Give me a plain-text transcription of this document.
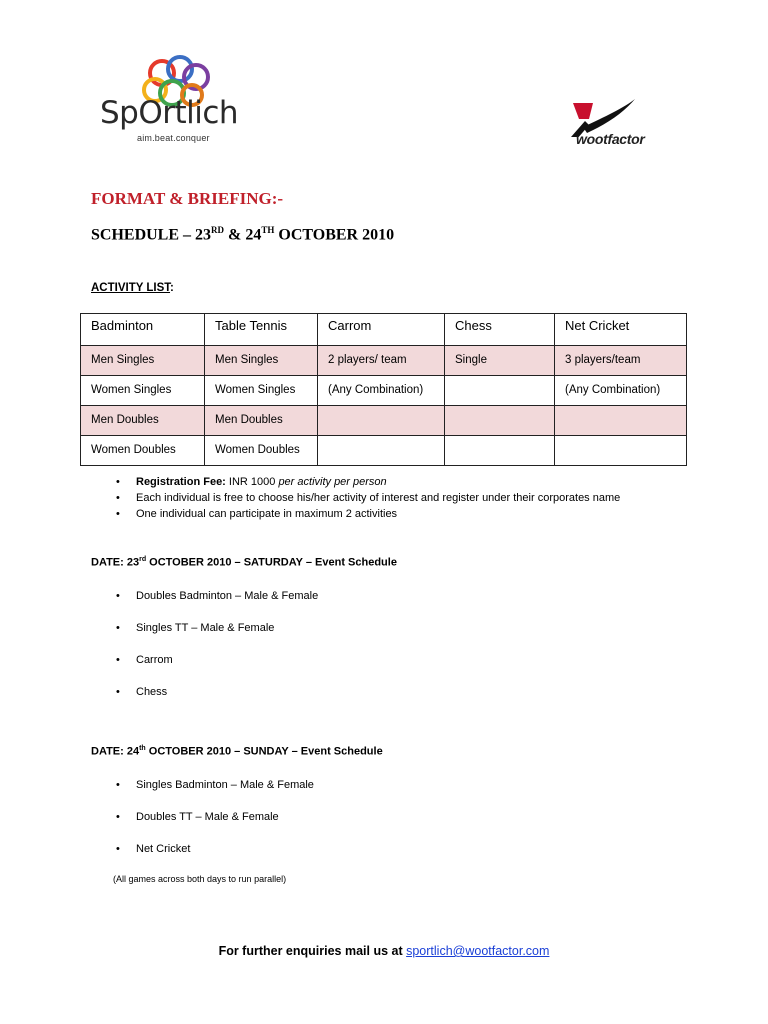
SpOrtlich
aim.beat.conquer	wootfactor
FORMAT & BRIEFING:-
SCHEDULE – 23RD & 24TH OCTOBER 2010
ACTIVITY LIST:
Badminton	Table Tennis	Carrom	Chess	Net Cricket
Men Singles	Men Singles	2 players/ team	Single	3 players/team
Women Singles	Women Singles	(Any Combination)		(Any Combination)
Men Doubles	Men Doubles			
Women Doubles	Women Doubles			
• Registration Fee: INR 1000 per activity per person
• Each individual is free to choose his/her activity of interest and register under their corporates name
• One individual can participate in maximum 2 activities
DATE: 23rd OCTOBER 2010 – SATURDAY – Event Schedule
• Doubles Badminton – Male & Female
• Singles TT – Male & Female
• Carrom
• Chess
DATE: 24th OCTOBER 2010 – SUNDAY – Event Schedule
• Singles Badminton – Male & Female
• Doubles TT – Male & Female
• Net Cricket
(All games across both days to run parallel)
For further enquiries mail us at sportlich@wootfactor.com
